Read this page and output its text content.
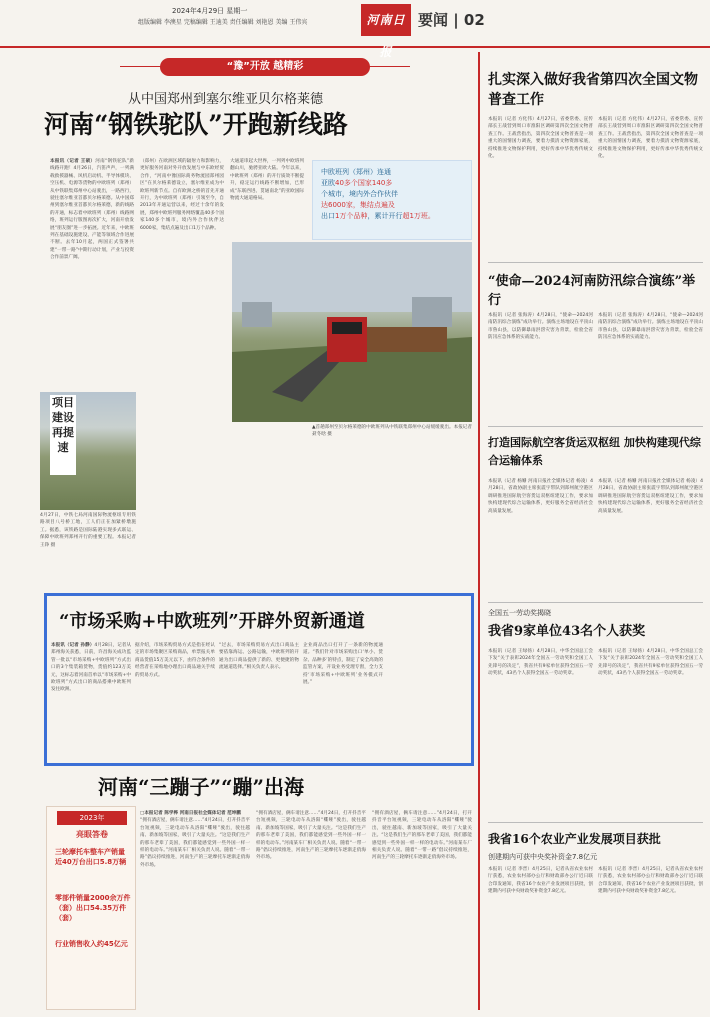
2024年4月29日 星期一
组版编辑 李澳星 完稿编辑 王迪美 责任编辑 刘艳恩 美编 王伟宾	河南日报
要闻 | 02
“豫”开放 越精彩
从中国郑州到塞尔维亚贝尔格莱德
河南“钢铁驼队”开跑新线路
本报讯（记者 王硕）河南“钢铁驼队”新线路开跑！4月26日，汽笛声声，一列满载救援器械、风机启动机、半导体模块、空压机、电源等货物的中欧班列（郑州）从中铁联集郑州中心站驶出，一路西行，驶往塞尔维亚首都贝尔格莱德。从中国郑州到塞尔维亚首都贝尔格莱德，新的线路的开通，标志着中欧班列（郑州）线路网络，班列运行版图再次扩大，河南开放发展“朋友圈”进一步拓展。近年来，中欧班列在基础设施建设、产能等领域合作进展不断。去年10月起，两国正式签署共建“一带一路”中期行动计划，产业与投资合作前景广阔。
（郑州）在欧洲区域的辐射力和影响力，更好服务河南对外开放发展与中东欧经贸合作，“河南中豫国际商务物流园郑州园区”在贝尔格莱德设立，塞尔维亚成为中欧班列新节点。自有欧洲之桥的首先开通开行，为中欧班列（郑州）引领至今，自2013年开通运营以来，经过十余年的发展，郑州中欧班列服务网络覆盖40多个国家140多个城市，境内外合作伙伴达6000家，集结点遍及出口1万个品种。
大通道串起大世界，一列列中欧班列翻山川，驰骋亚欧大陆。今年以来，中欧班列（郑州）的开行质效不断提升，稳定运行线路不断增加，已形成“东联西进、贯通南北”的亚欧国际物流大通道格局。
中欧班列（郑州）连通
亚欧40多个国家140多
个城市，境内外合作伙伴
达6000家，集结点遍及
出口1万个品种，累计开行超1万班。
▲首趟郑州至贝尔格莱德的中欧班列从中铁联集郑州中心站缓缓驶出。本报记者 聂冬晗 摄
项目建设再提速
4月27日，中铁七局河南国际物流枢纽专用铁路项目八号桥工地，工人们正在加紧桥墩施工。据悉，该铁路是国际陆港实现多式联运、保障中欧班列郑州开行的重要工程。本报记者 王铮 摄
“市场采购+中欧班列”开辟外贸新通道
本报讯（记者 孙静）4月28日，记者从郑州海关获悉，日前，许昌海关成功监管一批以“市场采购+中欧班列”方式出口的3个集装箱货物，货值约123万美元，这标志着河南首单以“市场采购+中欧班列”方式出口的商品搭乘中欧班列发往欧洲。
据介绍，市场采购贸易方式是指在经认定的市场集聚区采购商品，单票报关单商品货值15万美元以下，由符合条件的经营者在采购地办理出口商品通关手续的贸易方式。
“过去，市场采购贸易方式出口商品主要依靠海运、公路运输，中欧班列的开通为出口商品提供了新的、更便捷的物流通道选择。”相关负责人表示。
企业商品出口打开了一条新的物流通道。“我们针对市场采购出口‘单小、货杂、品种多’的特点，制定了安全高效的监管方案，开设业务受理专窗，全力支持‘市场采购+中欧班列’业务模式开展。”
河南“三蹦子”“蹦”出海
□本报记者 陈学桦 河南日报社全媒体记者 范坤鹏
“拥有酒店屋，俩车请注意……”4月24日，打开抖音平台短视频，三轮电动车从洛阳“嘶哑”驶出，驶往越南、新加坡等国家，吸引了大量关注。“这是我们生产的那车老辈了美国，我们都能感觉到一些外国一样一样的电动车。”河南某车厂相关负责人说。随着“一带一路”倡议持续推进，河南生产的三轮摩托车逐渐走俏海外市场。
“拥有酒店屋，俩车请注意……”4月24日，打开抖音平台短视频，三轮电动车从洛阳“嘶哑”驶出，驶往越南、新加坡等国家，吸引了大量关注。“这是我们生产的那车老辈了美国，我们都能感觉到一些外国一样一样的电动车。”河南某车厂相关负责人说。随着“一带一路”倡议持续推进，河南生产的三轮摩托车逐渐走俏海外市场。
“拥有酒店屋，俩车请注意……”4月24日，打开抖音平台短视频，三轮电动车从洛阳“嘶哑”驶出，驶往越南、新加坡等国家，吸引了大量关注。“这是我们生产的那车老辈了美国，我们都能感觉到一些外国一样一样的电动车。”河南某车厂相关负责人说。随着“一带一路”倡议持续推进，河南生产的三轮摩托车逐渐走俏海外市场。
2023年
亮眼答卷
三轮摩托车整车产销量近40万台出口5.8万辆
零部件销量2000余万件（套）出口54.35万件（套）
行业销售收入约45亿元
扎实深入做好我省第四次全国文物普查工作
本报讯（记者 方化伟）4月27日，省委常委、宣传部长王战营到周口市淮阳区调研第四次全国文物普查工作。王战营指出，第四次全国文物普查是一项重大的国情国力调查，要着力摸清文物资源家底，持续推进文物保护利用，更好传承中华优秀传统文化。
本报讯（记者 方化伟）4月27日，省委常委、宣传部长王战营到周口市淮阳区调研第四次全国文物普查工作。王战营指出，第四次全国文物普查是一项重大的国情国力调查，要着力摸清文物资源家底，持续推进文物保护利用，更好传承中华优秀传统文化。
“使命—2024河南防汛综合演练”举行
本报讯（记者 张海涛）4月28日，“使命—2024河南防汛综合演练”成功举行。演练主场地设在平顶山市鲁山县，以防御暴雨洪涝灾害为背景，检验全省防汛应急体系的实战能力。
本报讯（记者 张海涛）4月28日，“使命—2024河南防汛综合演练”成功举行。演练主场地设在平顶山市鲁山县，以防御暴雨洪涝灾害为背景，检验全省防汛应急体系的实战能力。
打造国际航空客货运双枢纽 加快构建现代综合运输体系
本报讯（记者 杨姗 河南日报社全媒体记者 杨凌）4月28日，省政协副主席张震宇带队到郑州航空港区调研推进国际航空客货运双枢纽建设工作，要求加快构建现代综合运输体系，更好服务全省经济社会高质量发展。
本报讯（记者 杨姗 河南日报社全媒体记者 杨凌）4月28日，省政协副主席张震宇带队到郑州航空港区调研推进国际航空客货运双枢纽建设工作，要求加快构建现代综合运输体系，更好服务全省经济社会高质量发展。
全国五一劳动奖揭晓
我省9家单位43名个人获奖
本报讯（记者 王绿扬）4月28日，中华全国总工会下发“关于表彰2024年全国五一劳动奖和全国工人先锋号的决定”，我省共有9家单位获得全国五一劳动奖状，43名个人获得全国五一劳动奖章。
本报讯（记者 王绿扬）4月28日，中华全国总工会下发“关于表彰2024年全国五一劳动奖和全国工人先锋号的决定”，我省共有9家单位获得全国五一劳动奖状，43名个人获得全国五一劳动奖章。
我省16个农业产业发展项目获批
创建期内可获中央奖补资金7.8亿元
本报讯（记者 李晋）4月25日，记者从省农业农村厅获悉，农业农村部办公厅和财政部办公厅近日联合印发通知，我省16个农业产业发展项目获批，创建期内可获中央财政奖补资金7.8亿元。
本报讯（记者 李晋）4月25日，记者从省农业农村厅获悉，农业农村部办公厅和财政部办公厅近日联合印发通知，我省16个农业产业发展项目获批，创建期内可获中央财政奖补资金7.8亿元。
